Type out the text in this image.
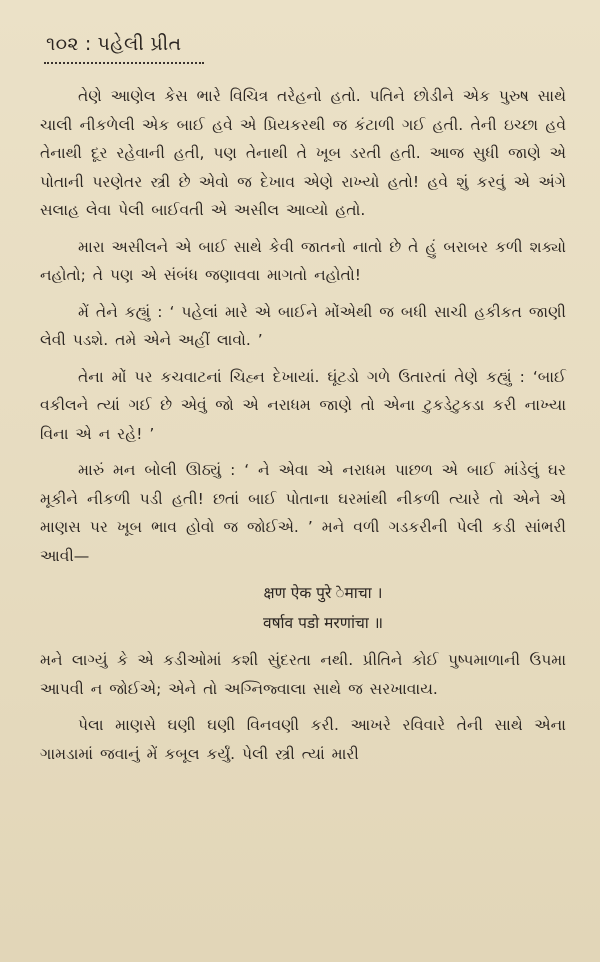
૧૦૨ : પહેલી પ્રીત

તેણે આણેલ કેસ ભારે વિચિત્ર તરેહનો હતો. પતિને છોડીને એક પુરુષ સાથે ચાલી નીકળેલી એક બાઈ હવે એ પ્રિયકરથી જ કંટાળી ગઈ હતી. તેની ઇચ્છા હવે તેનાથી દૂર રહેવાની હતી, પણ તેનાથી તે ખૂબ ડરતી હતી. આજ સુધી જાણે એ પોતાની પરણેતર સ્ત્રી છે એવો જ દેખાવ એણે રાખ્યો હતો! હવે શું કરવું એ અંગે સલાહ લેવા પેલી બાઈવતી એ અસીલ આવ્યો હતો.

મારા અસીલને એ બાઈ સાથે કેવી જાતનો નાતો છે તે હું બરાબર કળી શક્યો નહોતો; તે પણ એ સંબંધ જણાવવા માગતો નહોતો!

મેં તેને કહ્યું : ‘ પહેલાં મારે એ બાઈને મોંએથી જ બધી સાચી હકીકત જાણી લેવી પડશે. તમે એને અહીં લાવો. ’

તેના મોં પર કચવાટનાં ચિહ્ન દેખાયાં. ઘૂંટડો ગળે ઉતારતાં તેણે કહ્યું : ‘બાઈ વકીલને ત્યાં ગઈ છે એવું જો એ નરાધમ જાણે તો એના ટુકડેટુકડા કરી નાખ્યા વિના એ ન રહે! ’

મારું મન બોલી ઊઠ્યું : ‘ ને એવા એ નરાધમ પાછળ એ બાઈ માંડેલું ઘર મૂકીને નીકળી પડી હતી! છતાં બાઈ પોતાના ઘરમાંથી નીકળી ત્યારે તો એને એ માણસ પર ખૂબ ભાવ હોવો જ જોઈએ. ’ મને વળી ગડકરીની પેલી કડી સાંભરી આવી—

क्षण ऐक पुरे ेमाचा ।
वर्षाव पडो मरणांचा ॥

મને લાગ્યું કે એ કડીઓમાં કશી સુંદરતા નથી. પ્રીતિને કોઈ પુષ્પમાળાની ઉપમા આપવી ન જોઈએ; એને તો અગ્નિજ્વાલા સાથે જ સરખાવાય.

પેલા માણસે ઘણી ઘણી વિનવણી કરી. આખરે રવિવારે તેની સાથે એના ગામડામાં જવાનું મેં કબૂલ કર્યું. પેલી સ્ત્રી ત્યાં મારી
